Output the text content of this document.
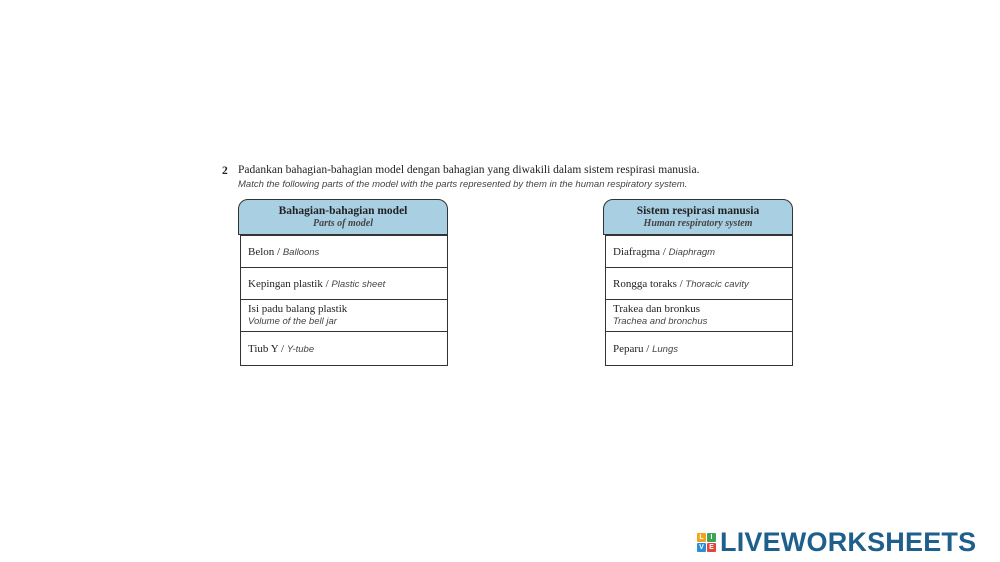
2 Padankan bahagian-bahagian model dengan bahagian yang diwakili dalam sistem respirasi manusia.
Match the following parts of the model with the parts represented by them in the human respiratory system.
Bahagian-bahagian model
Parts of model
Belon / Balloons
Kepingan plastik / Plastic sheet
Isi padu balang plastik
Volume of the bell jar
Tiub Y / Y-tube
Sistem respirasi manusia
Human respiratory system
Diafragma / Diaphragm
Rongga toraks / Thoracic cavity
Trakea dan bronkus
Trachea and bronchus
Peparu / Lungs
L I
V E LIVEWORKSHEETS
